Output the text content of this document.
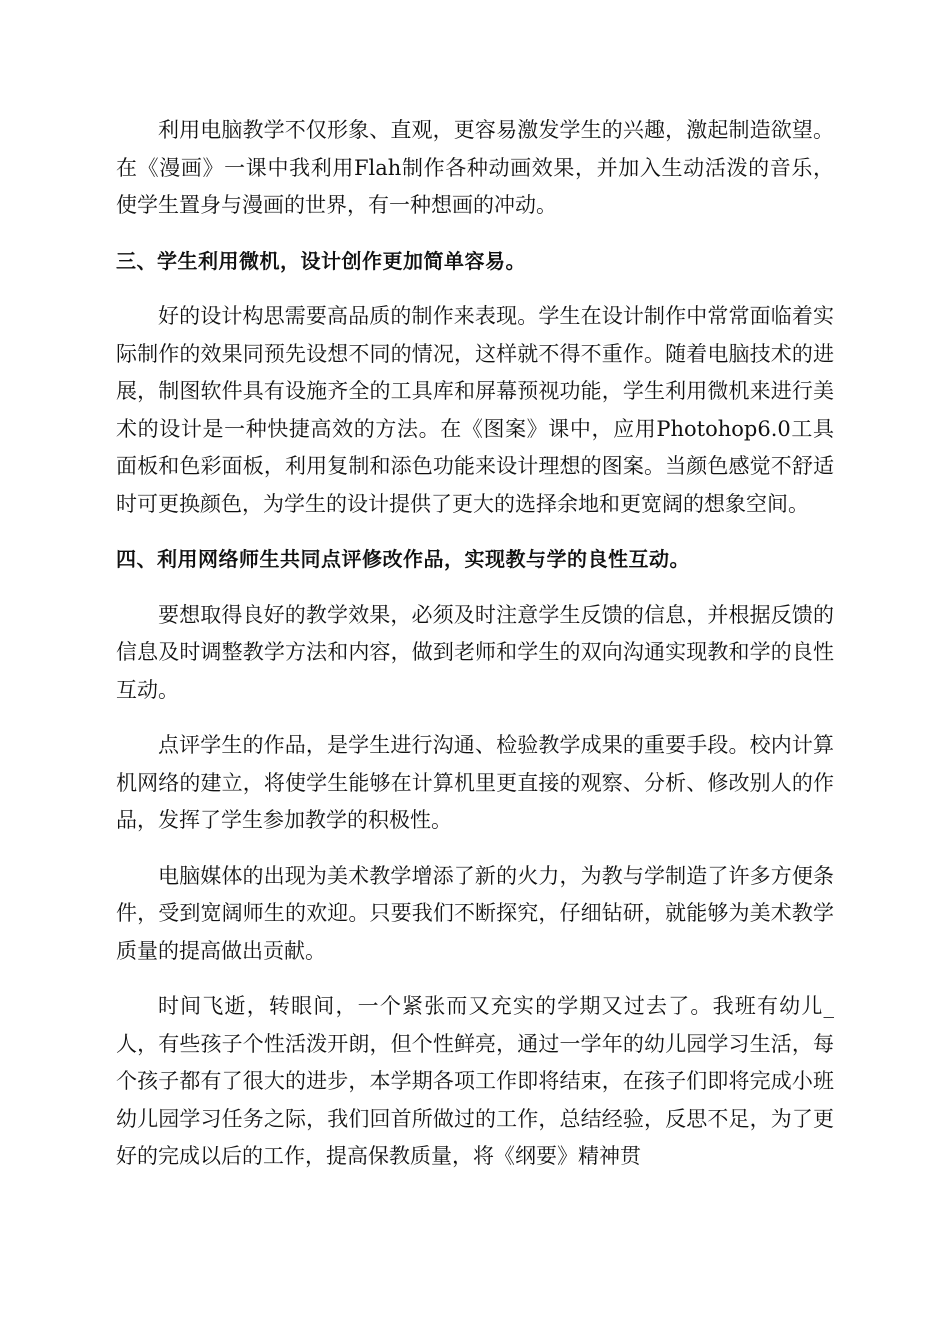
利用电脑教学不仅形象、直观，更容易激发学生的兴趣，激起制造欲望。在《漫画》一课中我利用Flah制作各种动画效果，并加入生动活泼的音乐，使学生置身与漫画的世界，有一种想画的冲动。

三、学生利用微机，设计创作更加简单容易。

好的设计构思需要高品质的制作来表现。学生在设计制作中常常面临着实际制作的效果同预先设想不同的情况，这样就不得不重作。随着电脑技术的进展，制图软件具有设施齐全的工具库和屏幕预视功能，学生利用微机来进行美术的设计是一种快捷高效的方法。在《图案》课中，应用Photohop6.0工具面板和色彩面板，利用复制和添色功能来设计理想的图案。当颜色感觉不舒适时可更换颜色，为学生的设计提供了更大的选择余地和更宽阔的想象空间。

四、利用网络师生共同点评修改作品，实现教与学的良性互动。

要想取得良好的教学效果，必须及时注意学生反馈的信息，并根据反馈的信息及时调整教学方法和内容，做到老师和学生的双向沟通实现教和学的良性互动。

点评学生的作品，是学生进行沟通、检验教学成果的重要手段。校内计算机网络的建立，将使学生能够在计算机里更直接的观察、分析、修改别人的作品，发挥了学生参加教学的积极性。

电脑媒体的出现为美术教学增添了新的火力，为教与学制造了许多方便条件，受到宽阔师生的欢迎。只要我们不断探究，仔细钻研，就能够为美术教学质量的提高做出贡献。

时间飞逝，转眼间，一个紧张而又充实的学期又过去了。我班有幼儿_人，有些孩子个性活泼开朗，但个性鲜亮，通过一学年的幼儿园学习生活，每个孩子都有了很大的进步，本学期各项工作即将结束，在孩子们即将完成小班幼儿园学习任务之际，我们回首所做过的工作，总结经验，反思不足，为了更好的完成以后的工作，提高保教质量，将《纲要》精神贯
